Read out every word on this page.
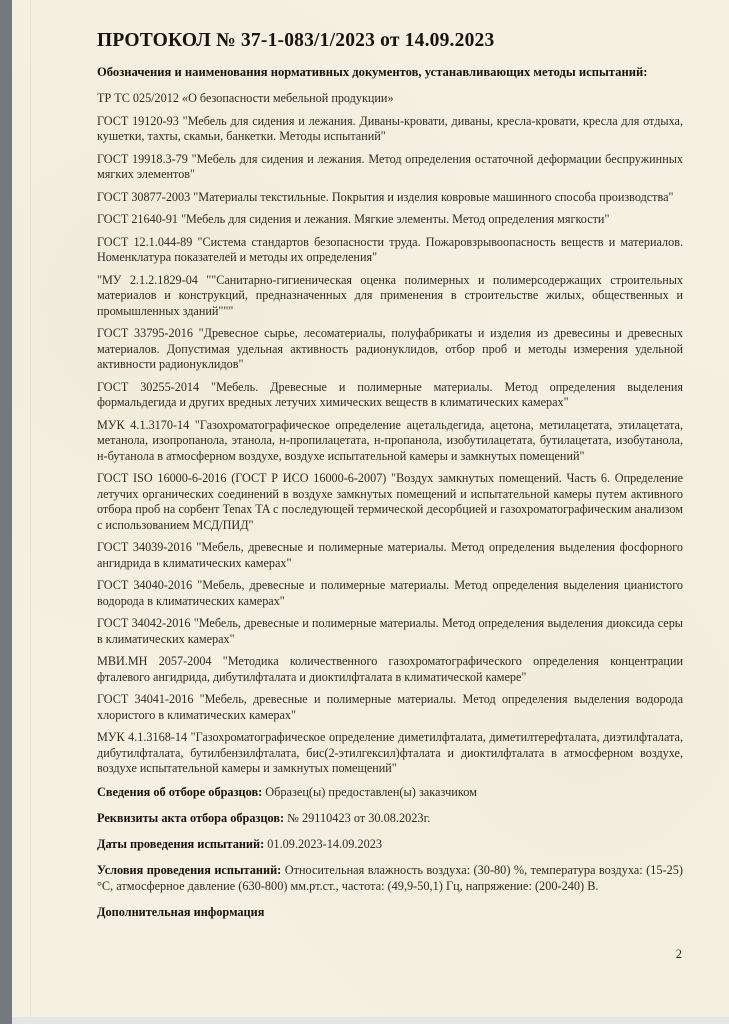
ПРОТОКОЛ № 37-1-083/1/2023 от 14.09.2023

Обозначения и наименования нормативных документов, устанавливающих методы испытаний:

ТР ТС 025/2012 «О безопасности мебельной продукции»

ГОСТ 19120-93 "Мебель для сидения и лежания. Диваны-кровати, диваны, кресла-кровати, кресла для отдыха, кушетки, тахты, скамьи, банкетки. Методы испытаний"

ГОСТ 19918.3-79 "Мебель для сидения и лежания. Метод определения остаточной деформации беспружинных мягких элементов"

ГОСТ 30877-2003 "Материалы текстильные. Покрытия и изделия ковровые машинного способа производства"

ГОСТ 21640-91 "Мебель для сидения и лежания. Мягкие элементы. Метод определения мягкости"

ГОСТ 12.1.044-89 "Система стандартов безопасности труда. Пожаровзрывоопасность веществ и материалов. Номенклатура показателей и методы их определения"

"МУ 2.1.2.1829-04 ""Санитарно-гигиеническая оценка полимерных и полимерсодержащих строительных материалов и конструкций, предназначенных для применения в строительстве жилых, общественных и промышленных зданий"""

ГОСТ 33795-2016 "Древесное сырье, лесоматериалы, полуфабрикаты и изделия из древесины и древесных материалов. Допустимая удельная активность радионуклидов, отбор проб и методы измерения удельной активности радионуклидов"

ГОСТ 30255-2014 "Мебель. Древесные и полимерные материалы. Метод определения выделения формальдегида и других вредных летучих химических веществ в климатических камерах"

МУК 4.1.3170-14 "Газохроматографическое определение ацетальдегида, ацетона, метилацетата, этилацетата, метанола, изопропанола, этанола, н-пропилацетата, н-пропанола, изобутилацетата, бутилацетата, изобутанола, н-бутанола в атмосферном воздухе, воздухе испытательной камеры и замкнутых помещений"

ГОСТ ISO 16000-6-2016 (ГОСТ Р ИСО 16000-6-2007) "Воздух замкнутых помещений. Часть 6. Определение летучих органических соединений в воздухе замкнутых помещений и испытательной камеры путем активного отбора проб на сорбент Tenax TA с последующей термической десорбцией и газохроматографическим анализом с использованием МСД/ПИД"

ГОСТ 34039-2016 "Мебель, древесные и полимерные материалы. Метод определения выделения фосфорного ангидрида в климатических камерах"

ГОСТ 34040-2016 "Мебель, древесные и полимерные материалы. Метод определения выделения цианистого водорода в климатических камерах"

ГОСТ 34042-2016 "Мебель, древесные и полимерные материалы. Метод определения выделения диоксида серы в климатических камерах"

МВИ.МН 2057-2004 "Методика количественного газохроматографического определения концентрации фталевого ангидрида, дибутилфталата и диоктилфталата в климатической камере"

ГОСТ 34041-2016 "Мебель, древесные и полимерные материалы. Метод определения выделения водорода хлористого в климатических камерах"

МУК 4.1.3168-14 "Газохроматографическое определение диметилфталата, диметилтерефталата, диэтилфталата, дибутилфталата, бутилбензилфталата, бис(2-этилгексил)фталата и диоктилфталата в атмосферном воздухе, воздухе испытательной камеры и замкнутых помещений"

Сведения об отборе образцов: Образец(ы) предоставлен(ы) заказчиком

Реквизиты акта отбора образцов: № 29110423 от 30.08.2023г.

Даты проведения испытаний: 01.09.2023-14.09.2023

Условия проведения испытаний: Относительная влажность воздуха: (30-80) %, температура воздуха: (15-25) °С, атмосферное давление (630-800) мм.рт.ст., частота: (49,9-50,1) Гц, напряжение: (200-240) В.

Дополнительная информация

2
